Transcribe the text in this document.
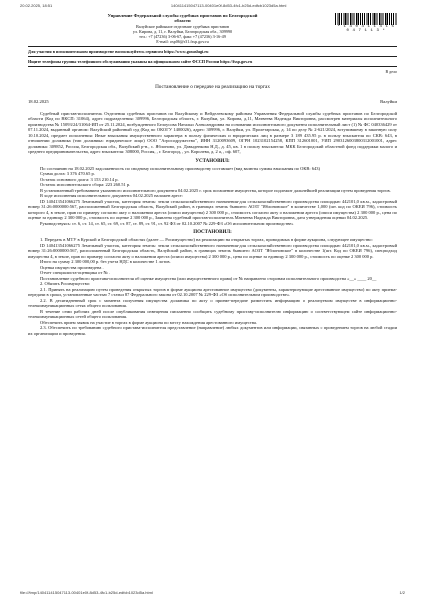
20.02.2025, 18:51	140411415047113-00401e0f-8d53-4fc1-b25d-edfcb1023d5a.html
* 1 4 0 4 1 1 4 1 5 0 4 7 1 1 3 *
Управление Федеральной службы судебных приставов по Белгородской
области
Валуйское районное отделение судебных приставов
ул. Кирова, д. 11, г. Валуйки, Белгородская обл., 309990
тел.: +7 (47236) 3-06-67, факс +7 (47236) 3-16-49
E-mail: osp06@r31.fssp.gov.ru
Для участия в исполнительном производстве воспользуйтесь сервисом https://www.gosuslugi.ru
Ищите телефоны группы телефонного обслуживания указаны на официальном сайте ФССП России https://fssp.gov.ru
В дело
Постановление о передаче на реализацию на торгах
18.02.2025	Валуйки

Судебный пристав-исполнитель Отделения судебных приставов по Валуйскому и Вейделевскому районам Управления Федеральной службы судебных приставов по Белгородской области (Код по ВКСП: 31064), адрес подразделения: 309996, Белгородская область, г. Валуйки, ул. Кирова, д.11, Матвеева Надежда Викторовна, рассмотрев материалы исполнительного производства № 15093/24/31064-ИП от 25.11.2024, возбужденного Белоусова Натальи Александровна на основании исполнительного документа исполнительный лист (1) № ФС 040336429 от 07.11.2024, выданный органом: Валуйский районный суд (Код по ОКОГУ 1400026), адрес: 309996, г. Валуйки, ул. Пролетарская, д. 14 по делу № 2-621/2024, вступившему в законную силу 10.10.2024, предмет исполнения: Иные взыскания имущественного характера в пользу физических и юридических лиц в размере 3 189 435.95 р. в пользу взыскателя по СКВ: 643, в отношении должника (тип должника: юридическое лицо) ООО "Агросодружество", ИНН 3120093609, ОГРН 1023102154258, КПП 312601001, УИП 2903126003800312001001, адрес должника: 309852, Россия, Белгородская обл., Валуйский р-н., с. Яблоново, ул. Давыденкова Н.Д., д. 45, кв. 1 в пользу взыскателя: МКК Белгородский областной фонд поддержки малого и среднего предпринимательства, адрес взыскателя: 308000, Россия, , г. Белгород, , ул. Королева, д. 2 а, , оф. 607,

УСТАНОВИЛ:

По состоянию на 18.02.2025 задолженность по сводному исполнительному производству составляет (вид валюты суммы взыскания по ОКВ: 643)

Сумма долга: 3 376 470.65 р.

Остаток основного долга: 3 153 210.14 р.

Остаток исполнительского сбора: 223 260.51 р.

В установленный требованием указанного исполнительного документа 04.02.2025 г. срок погашение имущества, которое подлежит дальнейшей реализации путем проведения торгов.

В ходе исполнения исполнительного документа 04.02.2025 наложен арест:

ID 140413541066275 Земельный участок, категория земель: земли сельскохозяйственного назначения-для сельскохозяйственного производства площадью 442101,0 кв.м., кадастровый номер 31:26:0000000:567, расположенный Белгородская область, Валуйский район, в границах земель бывшего АОЗТ "Яблоновское" в количестве 1,000 (шт. код по ОКЕИ 796), стоимость которого 4, в земле, прав по примеру согласно акту о наложении ареста (описи имущества) 2 300 000 р., стоимость согласно акту о наложении ареста (описи имущества) 2 300 000 р., цена по оценке за единицу 2 300 000 р., стоимость по оценке 2 300 000 р., Заявлена судебный пристав-исполнитель Матвеева Надежда Викторовна, дата утверждения оценки 04.02.2025.

Руководствуясь: ст. 6, ст. 14, ст. 65, ст. 69, ст. 87, ст. 89, ст. 91, ст. 92 ФЗ от 02.10.2007 № 229-ФЗ «Об исполнительном производстве»

ПОСТАНОВИЛ:

1. Передать в МТУ в Курской и Белгородской областях (далее — Росимущество) на реализацию на открытых торгах, проводимых в форме аукциона, следующее имущество:

ID 140413541066275 Земельный участок, категория земель: земли сельскохозяйственного назначения-для сельскохозяйственного производства площадью 442101,0 кв.м., кадастровый номер 31:26:0000000:567, расположенный Белгородская область, Валуйский район, в границах земель бывшего АОЗТ "Яблоновское" в количестве 1(шт. Код по ОКЕИ 796), спецподход имущества 4, в земле, прав по примеру согласно акту о наложении ареста (описи имущества) 2 300 000 р., цена по оценке за единицу 2 300 000 р., стоимость по оценке 2 300 000 р.

Итого на сумму 2 300 000,00 р. без учета НДС в количестве 1 лотов.

Оценка имущества произведена .

Отчет специалиста-оценщика от № .

Постановление судебного пристава-исполнителя об оценке имущества (или имущественного права) от № направлено сторонам исполнительного производства «__» ____ 20__

2. Обязать Росимущество:

2.1. Принять на реализацию путем проведения открытых торгов в форме аукциона арестованное имущество (документы, характеризующие арестованное имущество) по акту приема-передачи в сроки, установленные частью 7 статьи 87 Федерального закона от 02.10.2007 № 229-ФЗ «Об исполнительном производстве».

2.2. В десятидневный срок с момента получения имущества должника по акту о приеме-передаче разместить информацию о реализуемом имуществе в информационно-телекоммуникационных сетях общего пользования.

В течение семи рабочих дней после опубликования извещения письменно сообщить судебному приставу-исполнителю информацию о соответствующем сайте информационно-телекоммуникационных сетей общего пользования.

Обеспечить прием заявок на участие в торгах в форме аукциона по месту нахождения арестованного имущества.

2.3. Обеспечить по требованию судебного пристава-исполнителя представление (направление) любых документов или информации, связанных с проведением торгов на любой стадии их организации и проведения.

file:///tmp/140411415047113-00401e0f-8d53-4fc1-b25d-edfcb1023d5a.html	1/2
